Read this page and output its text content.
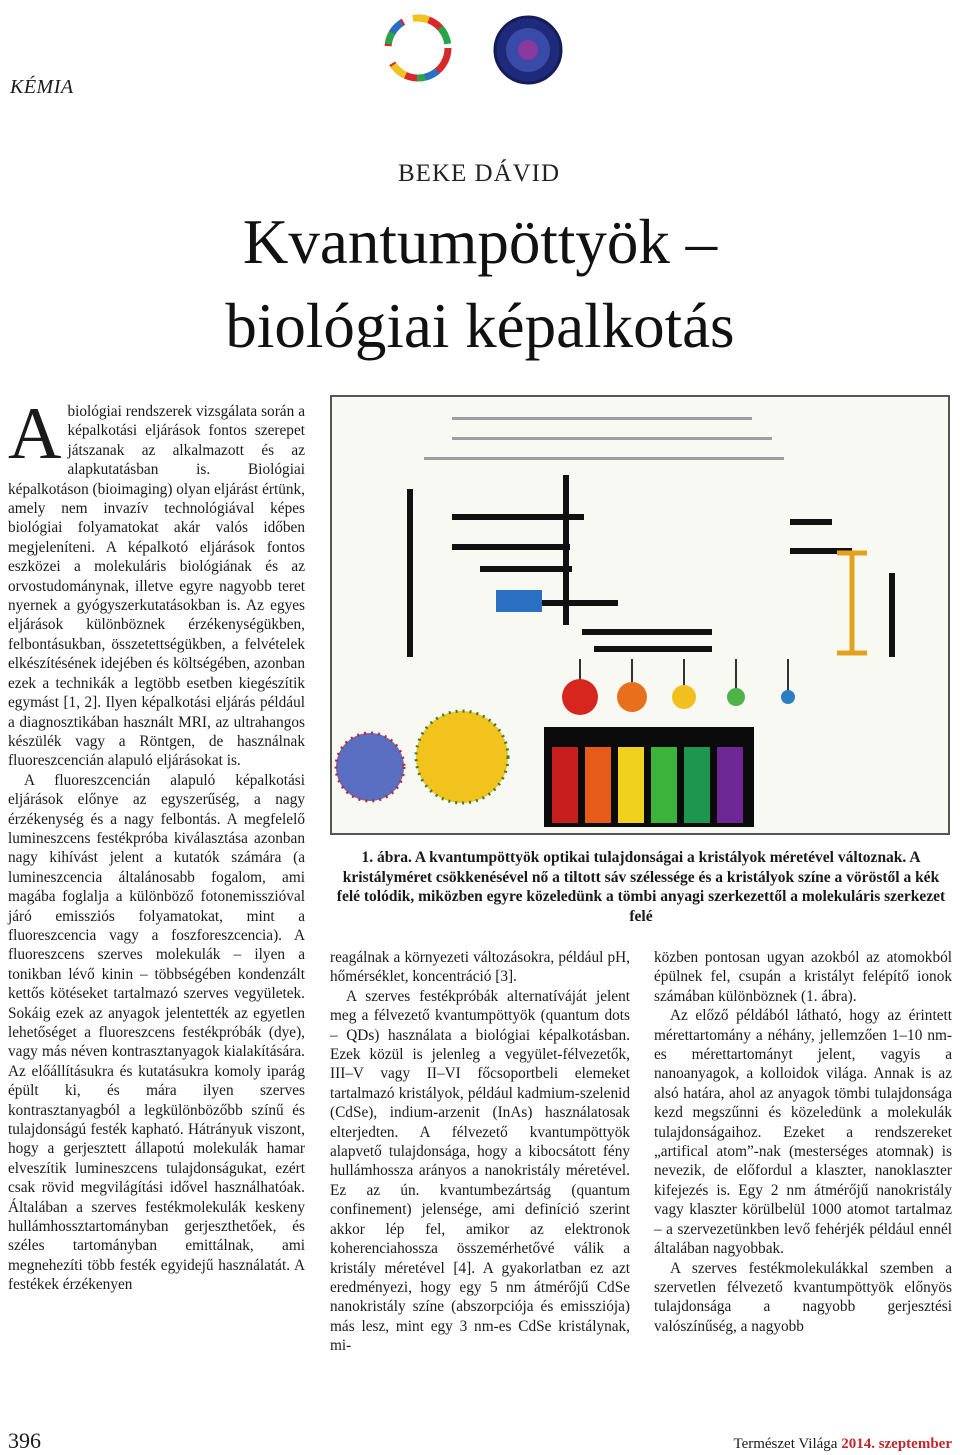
KÉMIA
BEKE DÁVID
Kvantumpöttyök –
biológiai képalkotás

Abiológiai rendszerek vizsgálata során a képalkotási eljárások fontos szerepet játszanak az alkalmazott és az alapkutatásban is. Biológiai képalkotáson (bioimaging) olyan eljárást értünk, amely nem invazív technológiával képes biológiai folyamatokat akár valós időben megjeleníteni. A képalkotó eljárások fontos eszközei a molekuláris biológiának és az orvostudománynak, illetve egyre nagyobb teret nyernek a gyógyszerkutatásokban is. Az egyes eljárások különböznek érzékenységükben, felbontásukban, összetettségükben, a felvételek elkészítésének idejében és költségében, azonban ezek a technikák a legtöbb esetben kiegészítik egymást [1, 2]. Ilyen képalkotási eljárás például a diagnosztikában használt MRI, az ultrahangos készülék vagy a Röntgen, de használnak fluoreszcencián alapuló eljárásokat is.

A fluoreszcencián alapuló képalkotási eljárások előnye az egyszerűség, a nagy érzékenység és a nagy felbontás. A megfelelő lumineszcens festékpróba kiválasztása azonban nagy kihívást jelent a kutatók számára (a lumineszcencia általánosabb fogalom, ami magába foglalja a különböző fotonemisszióval járó emissziós folyamatokat, mint a fluoreszcencia vagy a foszforeszcencia). A fluoreszcens szerves molekulák – ilyen a tonikban lévő kinin – többségében kondenzált kettős kötéseket tartalmazó szerves vegyületek. Sokáig ezek az anyagok jelentették az egyetlen lehetőséget a fluoreszcens festékpróbák (dye), vagy más néven kontrasztanyagok kialakítására. Az előállításukra és kutatásukra komoly iparág épült ki, és mára ilyen szerves kontrasztanyagból a legkülönbözőbb színű és tulajdonságú festék kapható. Hátrányuk viszont, hogy a gerjesztett állapotú molekulák hamar elveszítik lumineszcens tulajdonságukat, ezért csak rövid megvilágítási idővel használhatóak. Általában a szerves festékmolekulák keskeny hullámhossztartományban gerjeszthetőek, és széles tartományban emittálnak, ami megnehezíti több festék egyidejű használatát. A festékek érzékenyen

1. ábra. A kvantumpöttyök optikai tulajdonságai a kristályok méretével változnak. A kristályméret csökkenésével nő a tiltott sáv szélessége és a kristályok színe a vöröstől a kék felé tolódik, miközben egyre közeledünk a tömbi anyagi szerkezettől a molekuláris szerkezet felé

reagálnak a környezeti változásokra, például pH, hőmérséklet, koncentráció [3].

A szerves festékpróbák alternatíváját jelent meg a félvezető kvantumpöttyök (quantum dots – QDs) használata a biológiai képalkotásban. Ezek közül is jelenleg a vegyület-félvezetők, III–V vagy II–VI főcsoportbeli elemeket tartalmazó kristályok, például kadmium-szelenid (CdSe), indium-arzenit (InAs) használatosak elterjedten. A félvezető kvantumpöttyök alapvető tulajdonsága, hogy a kibocsátott fény hullámhossza arányos a nanokristály méretével. Ez az ún. kvantumbezártság (quantum confinement) jelensége, ami definíció szerint akkor lép fel, amikor az elektronok koherenciahossza összemérhetővé válik a kristály méretével [4]. A gyakorlatban ez azt eredményezi, hogy egy 5 nm átmérőjű CdSe nanokristály színe (abszorpciója és emissziója) más lesz, mint egy 3 nm-es CdSe kristálynak, mi-

közben pontosan ugyan azokból az atomokból épülnek fel, csupán a kristályt felépítő ionok számában különböznek (1. ábra).

Az előző példából látható, hogy az érintett mérettartomány a néhány, jellemzően 1–10 nm-es mérettartományt jelent, vagyis a nanoanyagok, a kolloidok világa. Annak is az alsó határa, ahol az anyagok tömbi tulajdonsága kezd megszűnni és közeledünk a molekulák tulajdonságaihoz. Ezeket a rendszereket „artifical atom”-nak (mesterséges atomnak) is nevezik, de előfordul a klaszter, nanoklaszter kifejezés is. Egy 2 nm átmérőjű nanokristály vagy klaszter körülbelül 1000 atomot tartalmaz – a szervezetünkben levő fehérjék például ennél általában nagyobbak.

A szerves festékmolekulákkal szemben a szervetlen félvezető kvantumpöttyök előnyös tulajdonsága a nagyobb gerjesztési valószínűség, a nagyobb

396	Természet Világa 2014. szeptember
